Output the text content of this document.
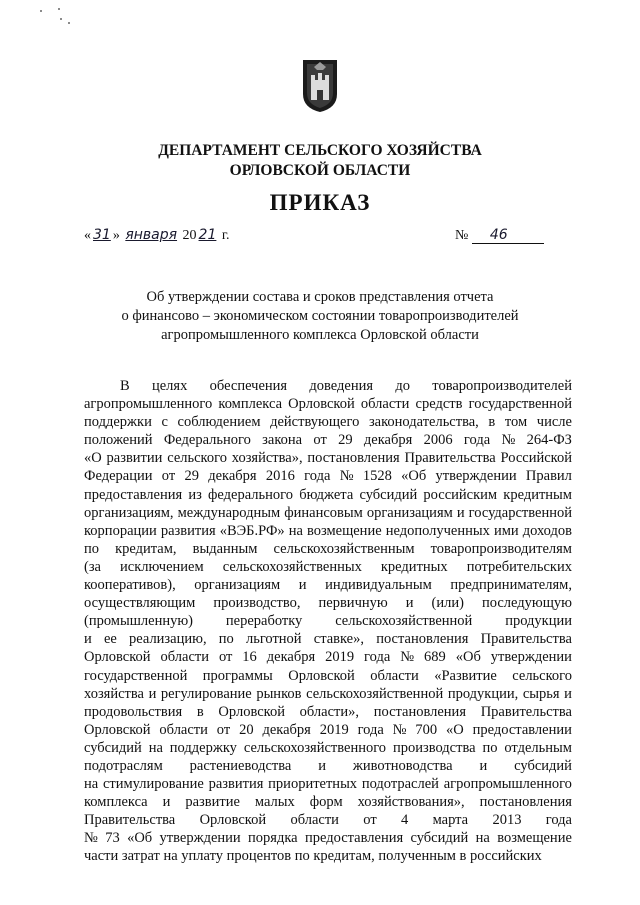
ДЕПАРТАМЕНТ СЕЛЬСКОГО ХОЗЯЙСТВА
ОРЛОВСКОЙ ОБЛАСТИ
ПРИКАЗ
« 31 » января 20 21 г.	№ 46
Об утверждении состава и сроков представления отчета
о финансово – экономическом состоянии товаропроизводителей
агропромышленного комплекса Орловской области
В целях обеспечения доведения до товаропроизводителей
агропромышленного комплекса Орловской области средств государственной
поддержки с соблюдением действующего законодательства, в том числе
положений Федерального закона от 29 декабря 2006 года № 264-ФЗ
«О развитии сельского хозяйства», постановления Правительства Российской
Федерации от 29 декабря 2016 года № 1528 «Об утверждении Правил
предоставления из федерального бюджета субсидий российским кредитным
организациям, международным финансовым организациям и государственной
корпорации развития «ВЭБ.РФ» на возмещение недополученных ими доходов
по кредитам, выданным сельскохозяйственным товаропроизводителям
(за исключением сельскохозяйственных кредитных потребительских
кооперативов), организациям и индивидуальным предпринимателям,
осуществляющим производство, первичную и (или) последующую
(промышленную) переработку сельскохозяйственной продукции
и ее реализацию, по льготной ставке», постановления Правительства
Орловской области от 16 декабря 2019 года № 689 «Об утверждении
государственной программы Орловской области «Развитие сельского
хозяйства и регулирование рынков сельскохозяйственной продукции, сырья и
продовольствия в Орловской области», постановления Правительства
Орловской области от 20 декабря 2019 года № 700 «О предоставлении
субсидий на поддержку сельскохозяйственного производства по отдельным
подотраслям растениеводства и животноводства и субсидий
на стимулирование развития приоритетных подотраслей агропромышленного
комплекса и развитие малых форм хозяйствования», постановления
Правительства Орловской области от 4 марта 2013 года
№ 73 «Об утверждении порядка предоставления субсидий на возмещение
части
затрат
на
уплату
процентов
по
кредитам,
полученным
в
российских
